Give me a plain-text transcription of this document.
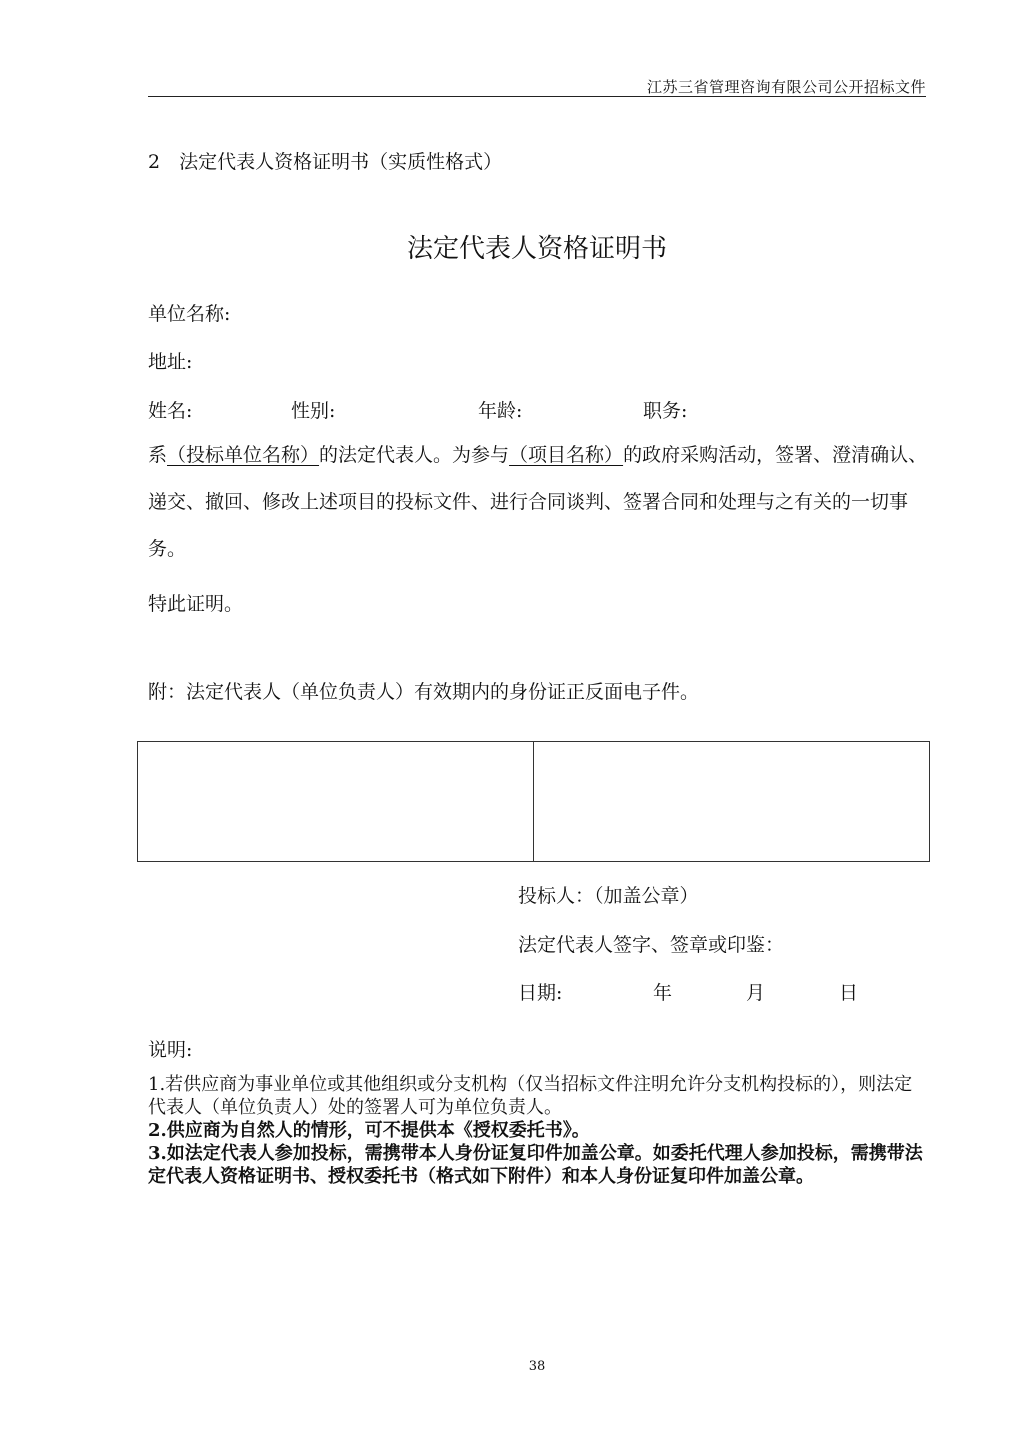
江苏三省管理咨询有限公司公开招标文件
2　法定代表人资格证明书（实质性格式）
法定代表人资格证明书
单位名称:
地址:
姓名:	性别:	年龄:	职务:
系（投标单位名称）的法定代表人。为参与（项目名称）的政府采购活动，签署、澄清确认、递交、撤回、修改上述项目的投标文件、进行合同谈判、签署合同和处理与之有关的一切事务。
特此证明。
附：法定代表人（单位负责人）有效期内的身份证正反面电子件。
投标人：（加盖公章）
法定代表人签字、签章或印鉴：
日期:	年	月	日
说明:

1.若供应商为事业单位或其他组织或分支机构（仅当招标文件注明允许分支机构投标的），则法定代表人（单位负责人）处的签署人可为单位负责人。

2.供应商为自然人的情形，可不提供本《授权委托书》。

3.如法定代表人参加投标，需携带本人身份证复印件加盖公章。如委托代理人参加投标，需携带法定代表人资格证明书、授权委托书（格式如下附件）和本人身份证复印件加盖公章。

38
